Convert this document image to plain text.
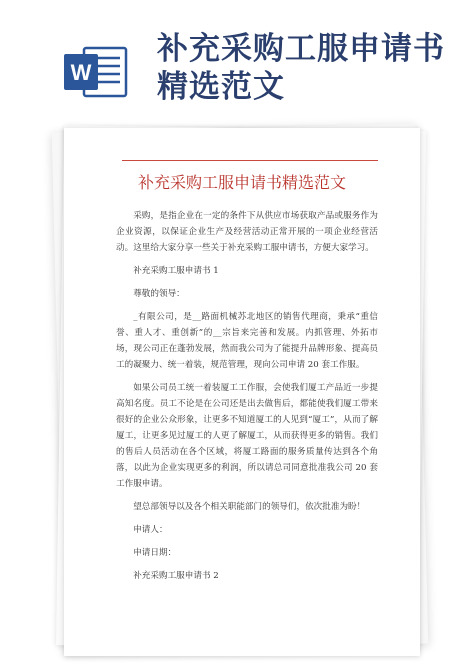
补充采购工服申请书精选范文
W
补充采购工服申请书精选范文

采购，是指企业在一定的条件下从供应市场获取产品或服务作为企业资源，以保证企业生产及经营活动正常开展的一项企业经营活动。这里给大家分享一些关于补充采购工服申请书，方便大家学习。

补充采购工服申请书 1

尊敬的领导：

_有限公司，是__路面机械苏北地区的销售代理商，秉承“重信誉、重人才、重创新”的__宗旨来完善和发展。内抓管理、外拓市场，现公司正在蓬勃发展，然而我公司为了能提升品牌形象、提高员工的凝聚力、统一着装，规范管理，现向公司申请 20 套工作服。

如果公司员工统一着装厦工工作服，会使我们厦工产品近一步提高知名度。员工不论是在公司还是出去做售后，都能使我们厦工带来很好的企业公众形象，让更多不知道厦工的人见到“厦工”，从而了解厦工，让更多见过厦工的人更了解厦工，从而获得更多的销售。我们的售后人员活动在各个区域，将厦工路面的服务质量传达到各个角落，以此为企业实现更多的利润，所以请总司同意批准我公司 20 套工作服申请。

望总部领导以及各个相关职能部门的领导们，依次批准为盼！

申请人：

申请日期：

补充采购工服申请书 2
